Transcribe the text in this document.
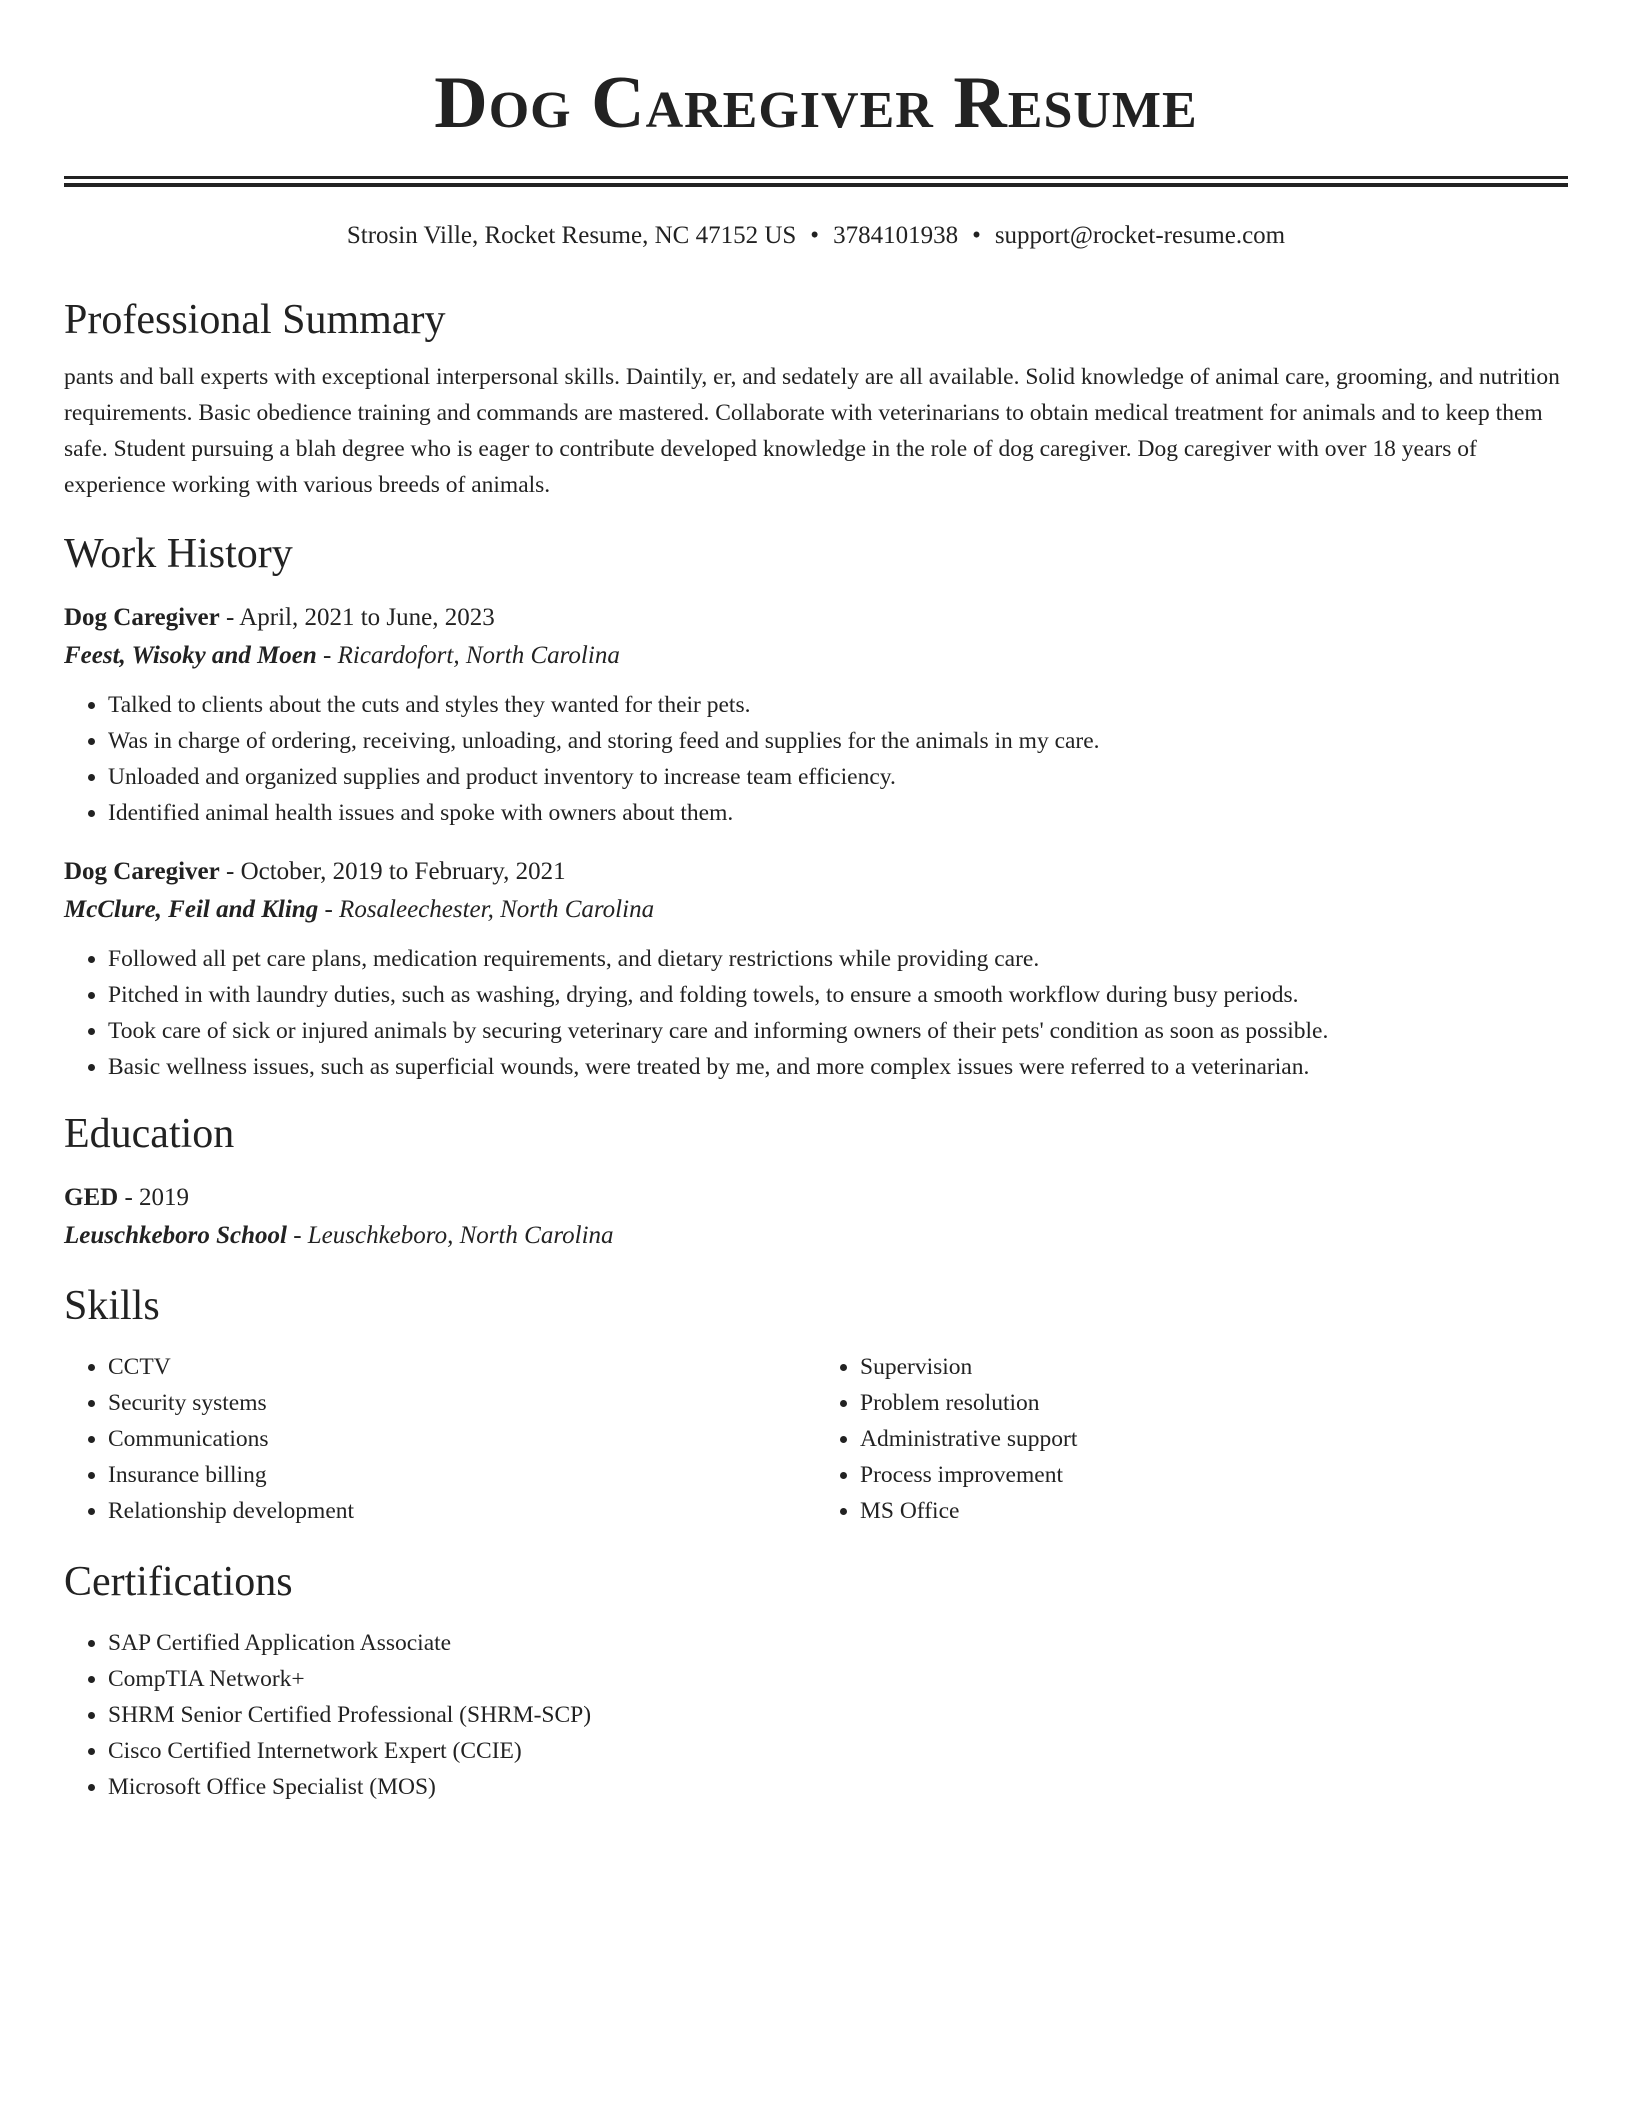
Dog Caregiver Resume
Strosin Ville, Rocket Resume, NC 47152 US • 3784101938 • support@rocket-resume.com
Professional Summary
pants and ball experts with exceptional interpersonal skills. Daintily, er, and sedately are all available. Solid knowledge of animal care, grooming, and nutrition requirements. Basic obedience training and commands are mastered. Collaborate with veterinarians to obtain medical treatment for animals and to keep them safe. Student pursuing a blah degree who is eager to contribute developed knowledge in the role of dog caregiver. Dog caregiver with over 18 years of experience working with various breeds of animals.
Work History
Dog Caregiver - April, 2021 to June, 2023
Feest, Wisoky and Moen - Ricardofort, North Carolina
• Talked to clients about the cuts and styles they wanted for their pets.
• Was in charge of ordering, receiving, unloading, and storing feed and supplies for the animals in my care.
• Unloaded and organized supplies and product inventory to increase team efficiency.
• Identified animal health issues and spoke with owners about them.
Dog Caregiver - October, 2019 to February, 2021
McClure, Feil and Kling - Rosaleechester, North Carolina
• Followed all pet care plans, medication requirements, and dietary restrictions while providing care.
• Pitched in with laundry duties, such as washing, drying, and folding towels, to ensure a smooth workflow during busy periods.
• Took care of sick or injured animals by securing veterinary care and informing owners of their pets' condition as soon as possible.
• Basic wellness issues, such as superficial wounds, were treated by me, and more complex issues were referred to a veterinarian.
Education
GED - 2019
Leuschkeboro School - Leuschkeboro, North Carolina
Skills
• CCTV
• Security systems
• Communications
• Insurance billing
• Relationship development
• Supervision
• Problem resolution
• Administrative support
• Process improvement
• MS Office
Certifications
• SAP Certified Application Associate
• CompTIA Network+
• SHRM Senior Certified Professional (SHRM-SCP)
• Cisco Certified Internetwork Expert (CCIE)
• Microsoft Office Specialist (MOS)
